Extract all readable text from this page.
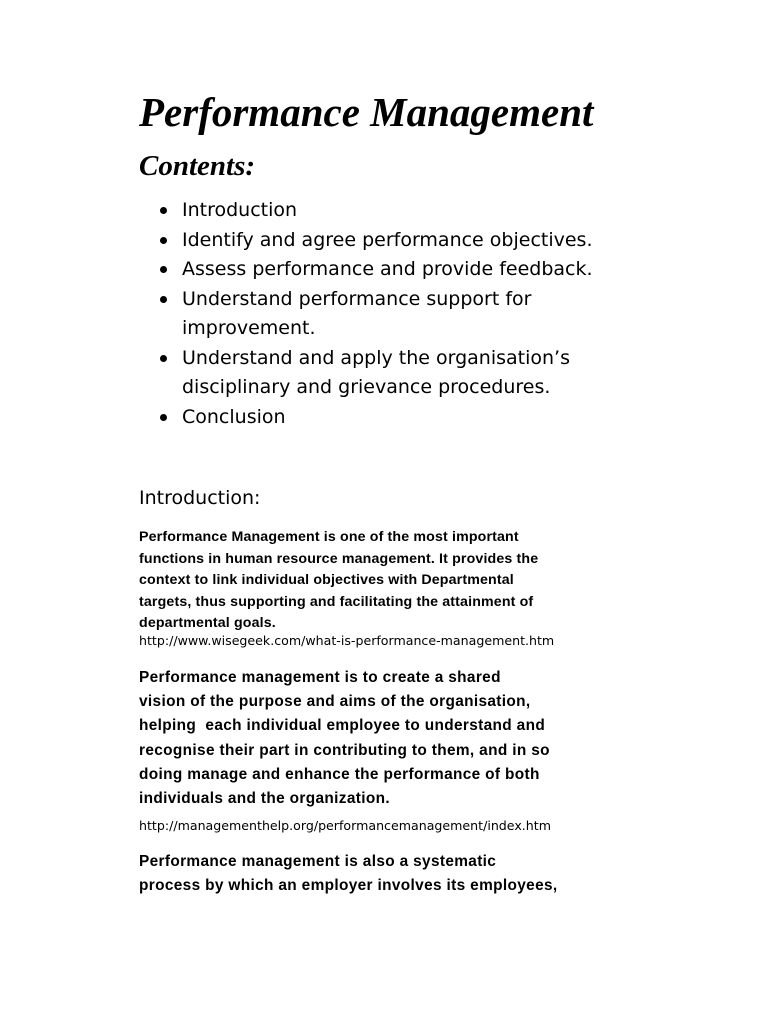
Performance Management
Contents:
Introduction
Identify and agree performance objectives.
Assess performance and provide feedback.
Understand performance support for
improvement.
Understand and apply the organisation’s
disciplinary and grievance procedures.
Conclusion
Introduction:

Performance Management is one of the most important
functions in human resource management. It provides the
context to link individual objectives with Departmental
targets, thus supporting and facilitating the attainment of
departmental goals.

http://www.wisegeek.com/what-is-performance-management.htm

Performance management is to create a shared
vision of the purpose and aims of the organisation,
helping  each individual employee to understand and
recognise their part in contributing to them, and in so
doing manage and enhance the performance of both
individuals and the organization.

http://managementhelp.org/performancemanagement/index.htm

Performance management is also a systematic
process by which an employer involves its employees,
